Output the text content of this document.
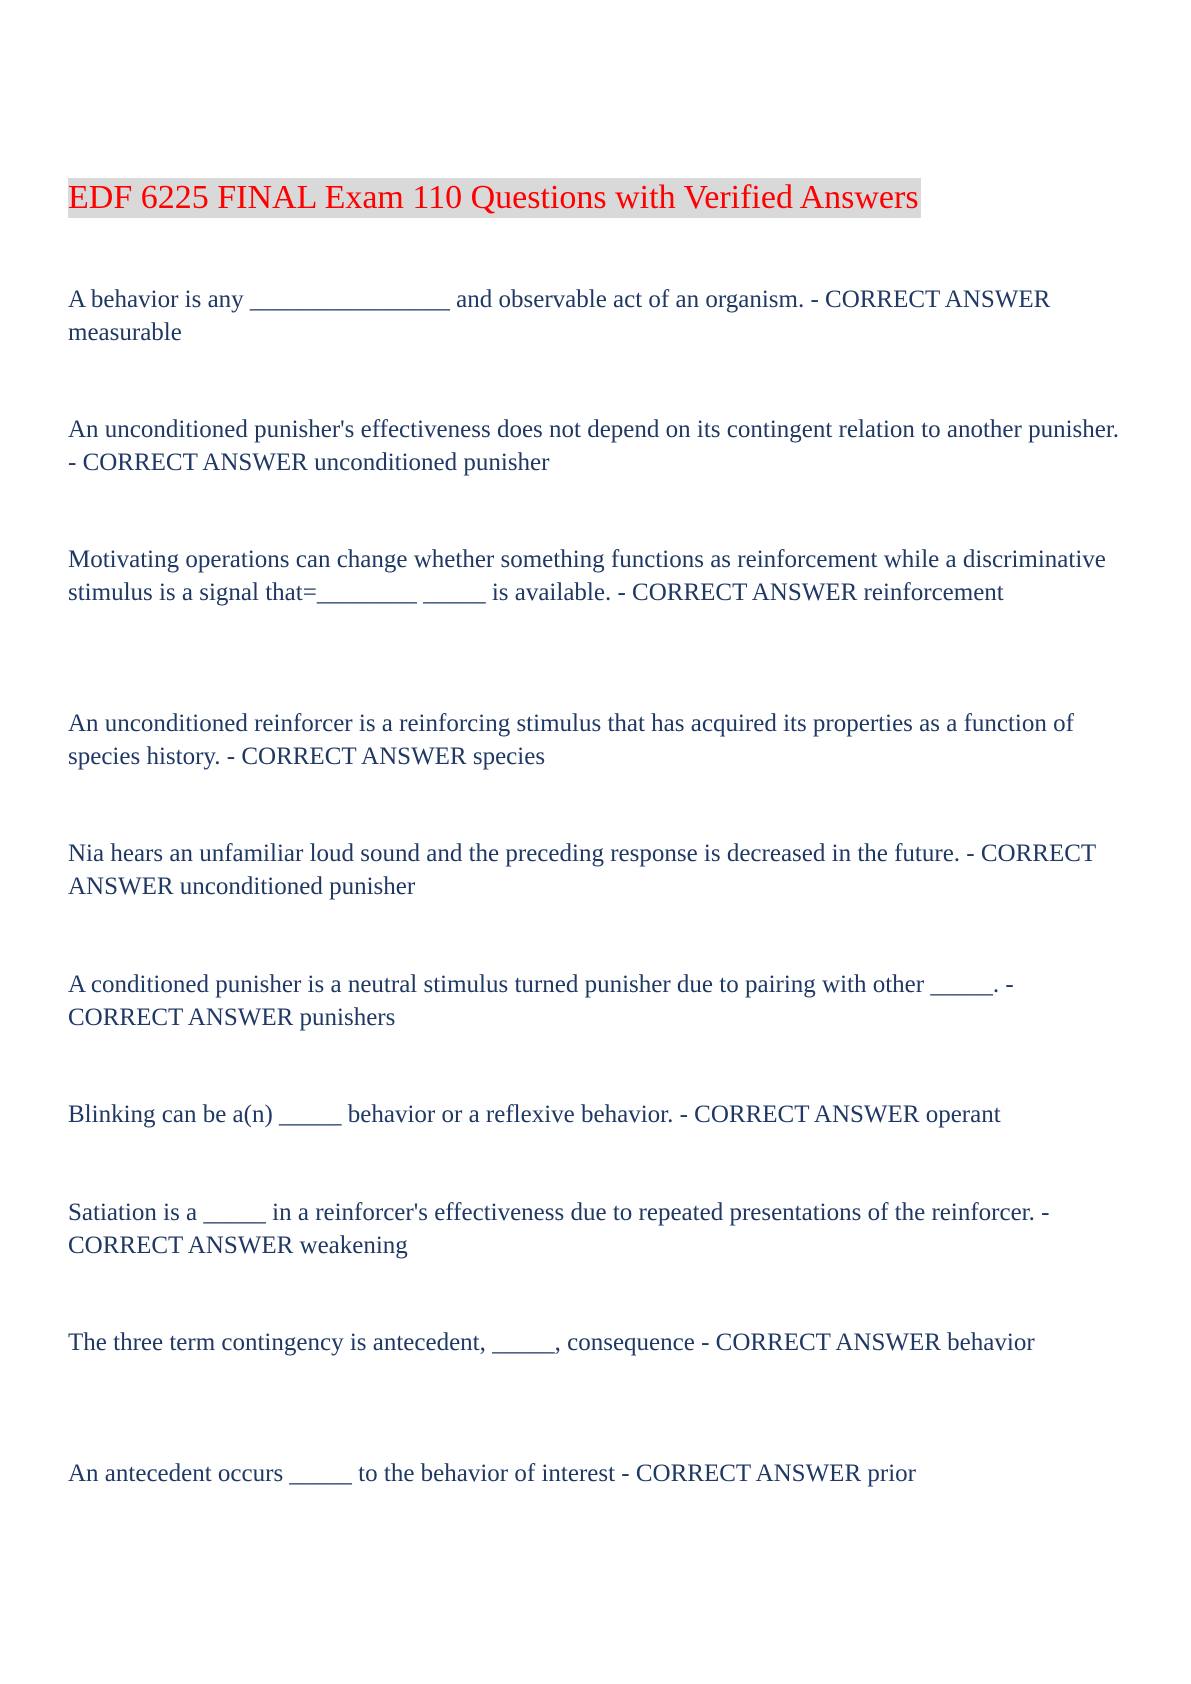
EDF 6225 FINAL Exam 110 Questions with Verified Answers
A behavior is any ________________ and observable act of an organism. - CORRECT ANSWER measurable
An unconditioned punisher's effectiveness does not depend on its contingent relation to another punisher. - CORRECT ANSWER unconditioned punisher
Motivating operations can change whether something functions as reinforcement while a discriminative stimulus is a signal that=________ _____ is available. - CORRECT ANSWER reinforcement
An unconditioned reinforcer is a reinforcing stimulus that has acquired its properties as a function of species history. - CORRECT ANSWER species
Nia hears an unfamiliar loud sound and the preceding response is decreased in the future. - CORRECT ANSWER unconditioned punisher
A conditioned punisher is a neutral stimulus turned punisher due to pairing with other _____. - CORRECT ANSWER punishers
Blinking can be a(n) _____ behavior or a reflexive behavior. - CORRECT ANSWER operant
Satiation is a _____ in a reinforcer's effectiveness due to repeated presentations of the reinforcer. - CORRECT ANSWER weakening
The three term contingency is antecedent, _____, consequence - CORRECT ANSWER behavior
An antecedent occurs _____ to the behavior of interest - CORRECT ANSWER prior
